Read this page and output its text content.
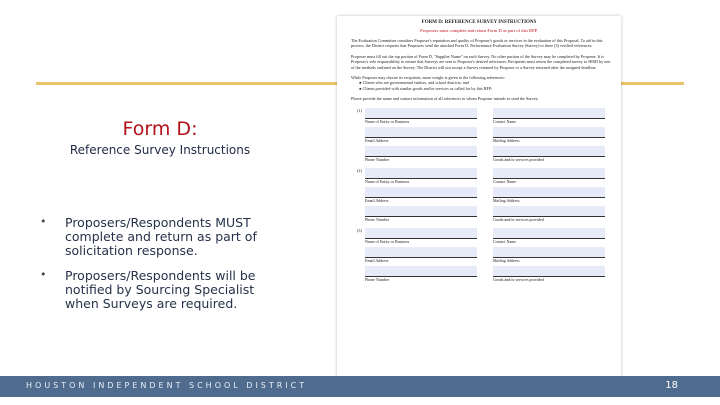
Form D:
Reference Survey Instructions
• Proposers/Respondents MUST complete and return as part of solicitation response.
• Proposers/Respondents will be notified by Sourcing Specialist when Surveys are required.
FORM D: REFERENCE SURVEY INSTRUCTIONS
Proposers must complete and return Form D as part of this RFP.

The Evaluation Committee considers Proposer's reputation and quality of Proposer's goods or services in the evaluation of this Proposal. To aid in this process, the District requests that Proposers send the attached Form D, Performance Evaluation Survey (Survey) to three (3) verified references.

Proposer must fill out the top portion of Form D, "Supplier Name" on each Survey. No other portion of the Survey may be completed by Proposer. It is Proposer's sole responsibility to ensure that Surveys are sent to Proposer's desired references. Recipients must return the completed survey to HISD by one of the methods outlined on the Survey. The District will not accept a Survey returned by Proposer or a Survey returned after the assigned deadline.

While Proposer may choose its recipients, more weight is given to the following references:

● Clients who are governmental entities, and school districts; and
● Clients provided with similar goods and/or services as called for by this RFP;

Please provide the name and contact information of all references to whom Proposer intends to send the Survey.

(1)
Name of Entity or Business	Contact Name
Email Address	Mailing Address
Phone Number	Goods and/or services provided
(2)
Name of Entity or Business	Contact Name
Email Address	Mailing Address
Phone Number	Goods and/or services provided
(3)
Name of Entity or Business	Contact Name
Email Address	Mailing Address
Phone Number	Goods and/or services provided
HOUSTON INDEPENDENT SCHOOL DISTRICT	18
